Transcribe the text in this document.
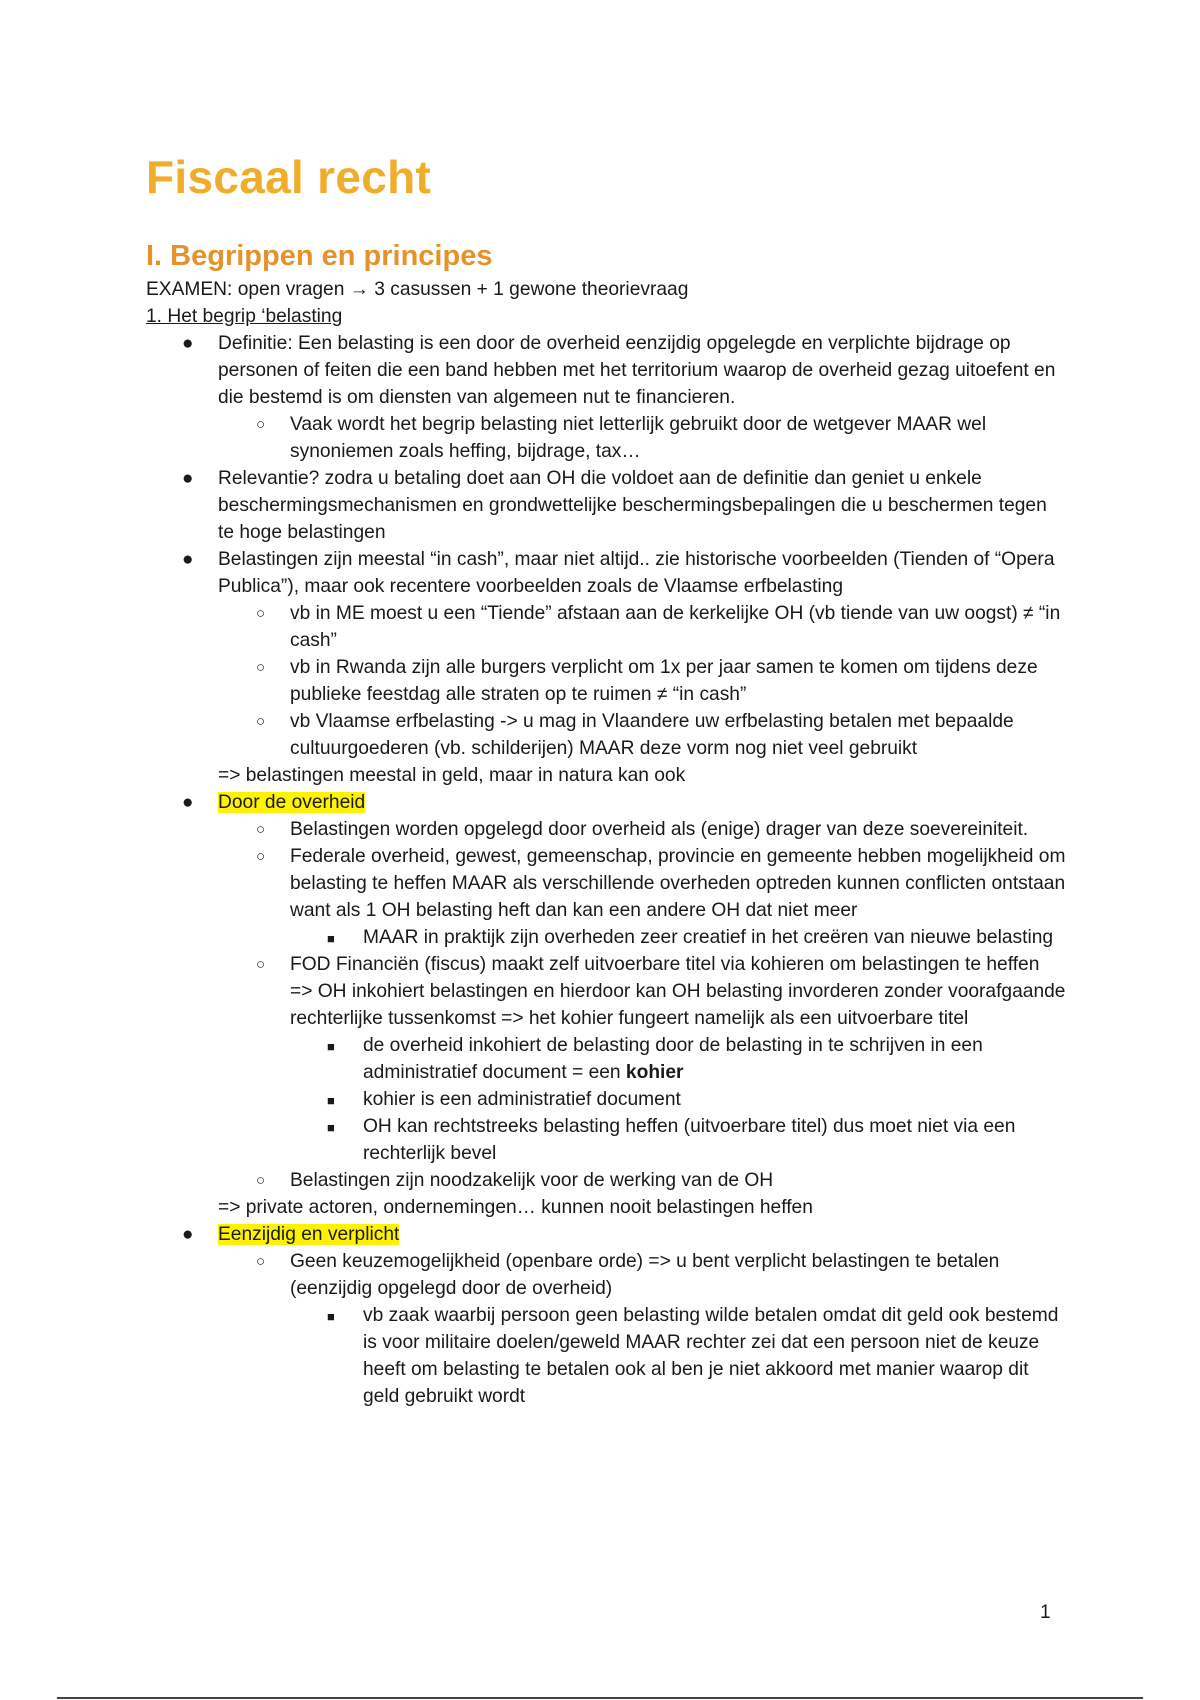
Fiscaal recht
I. Begrippen en principes

EXAMEN: open vragen → 3 casussen + 1 gewone theorievraag

1. Het begrip ‘belasting

● Definitie: Een belasting is een door de overheid eenzijdig opgelegde en verplichte bijdrage op personen of feiten die een band hebben met het territorium waarop de overheid gezag uitoefent en die bestemd is om diensten van algemeen nut te financieren.
○ Vaak wordt het begrip belasting niet letterlijk gebruikt door de wetgever MAAR wel synoniemen zoals heffing, bijdrage, tax…
● Relevantie? zodra u betaling doet aan OH die voldoet aan de definitie dan geniet u enkele beschermingsmechanismen en grondwettelijke beschermingsbepalingen die u beschermen tegen te hoge belastingen
● Belastingen zijn meestal “in cash”, maar niet altijd.. zie historische voorbeelden (Tienden of “Opera Publica”), maar ook recentere voorbeelden zoals de Vlaamse erfbelasting
○ vb in ME moest u een “Tiende” afstaan aan de kerkelijke OH (vb tiende van uw oogst) ≠ “in cash”
○ vb in Rwanda zijn alle burgers verplicht om 1x per jaar samen te komen om tijdens deze publieke feestdag alle straten op te ruimen ≠ “in cash”
○ vb Vlaamse erfbelasting -> u mag in Vlaandere uw erfbelasting betalen met bepaalde cultuurgoederen (vb. schilderijen) MAAR deze vorm nog niet veel gebruikt

=> belastingen meestal in geld, maar in natura kan ook

● Door de overheid
○ Belastingen worden opgelegd door overheid als (enige) drager van deze soevereiniteit.
○ Federale overheid, gewest, gemeenschap, provincie en gemeente hebben mogelijkheid om belasting te heffen MAAR als verschillende overheden optreden kunnen conflicten ontstaan want als 1 OH belasting heft dan kan een andere OH dat niet meer
■ MAAR in praktijk zijn overheden zeer creatief in het creëren van nieuwe belasting
○ FOD Financiën (fiscus) maakt zelf uitvoerbare titel via kohieren om belastingen te heffen => OH inkohiert belastingen en hierdoor kan OH belasting invorderen zonder voorafgaande rechterlijke tussenkomst => het kohier fungeert namelijk als een uitvoerbare titel
■ de overheid inkohiert de belasting door de belasting in te schrijven in een administratief document = een kohier
■ kohier is een administratief document
■ OH kan rechtstreeks belasting heffen (uitvoerbare titel) dus moet niet via een rechterlijk bevel
○ Belastingen zijn noodzakelijk voor de werking van de OH

=> private actoren, ondernemingen… kunnen nooit belastingen heffen

● Eenzijdig en verplicht
○ Geen keuzemogelijkheid (openbare orde) => u bent verplicht belastingen te betalen (eenzijdig opgelegd door de overheid)
■ vb zaak waarbij persoon geen belasting wilde betalen omdat dit geld ook bestemd is voor militaire doelen/geweld MAAR rechter zei dat een persoon niet de keuze heeft om belasting te betalen ook al ben je niet akkoord met manier waarop dit geld gebruikt wordt
1
